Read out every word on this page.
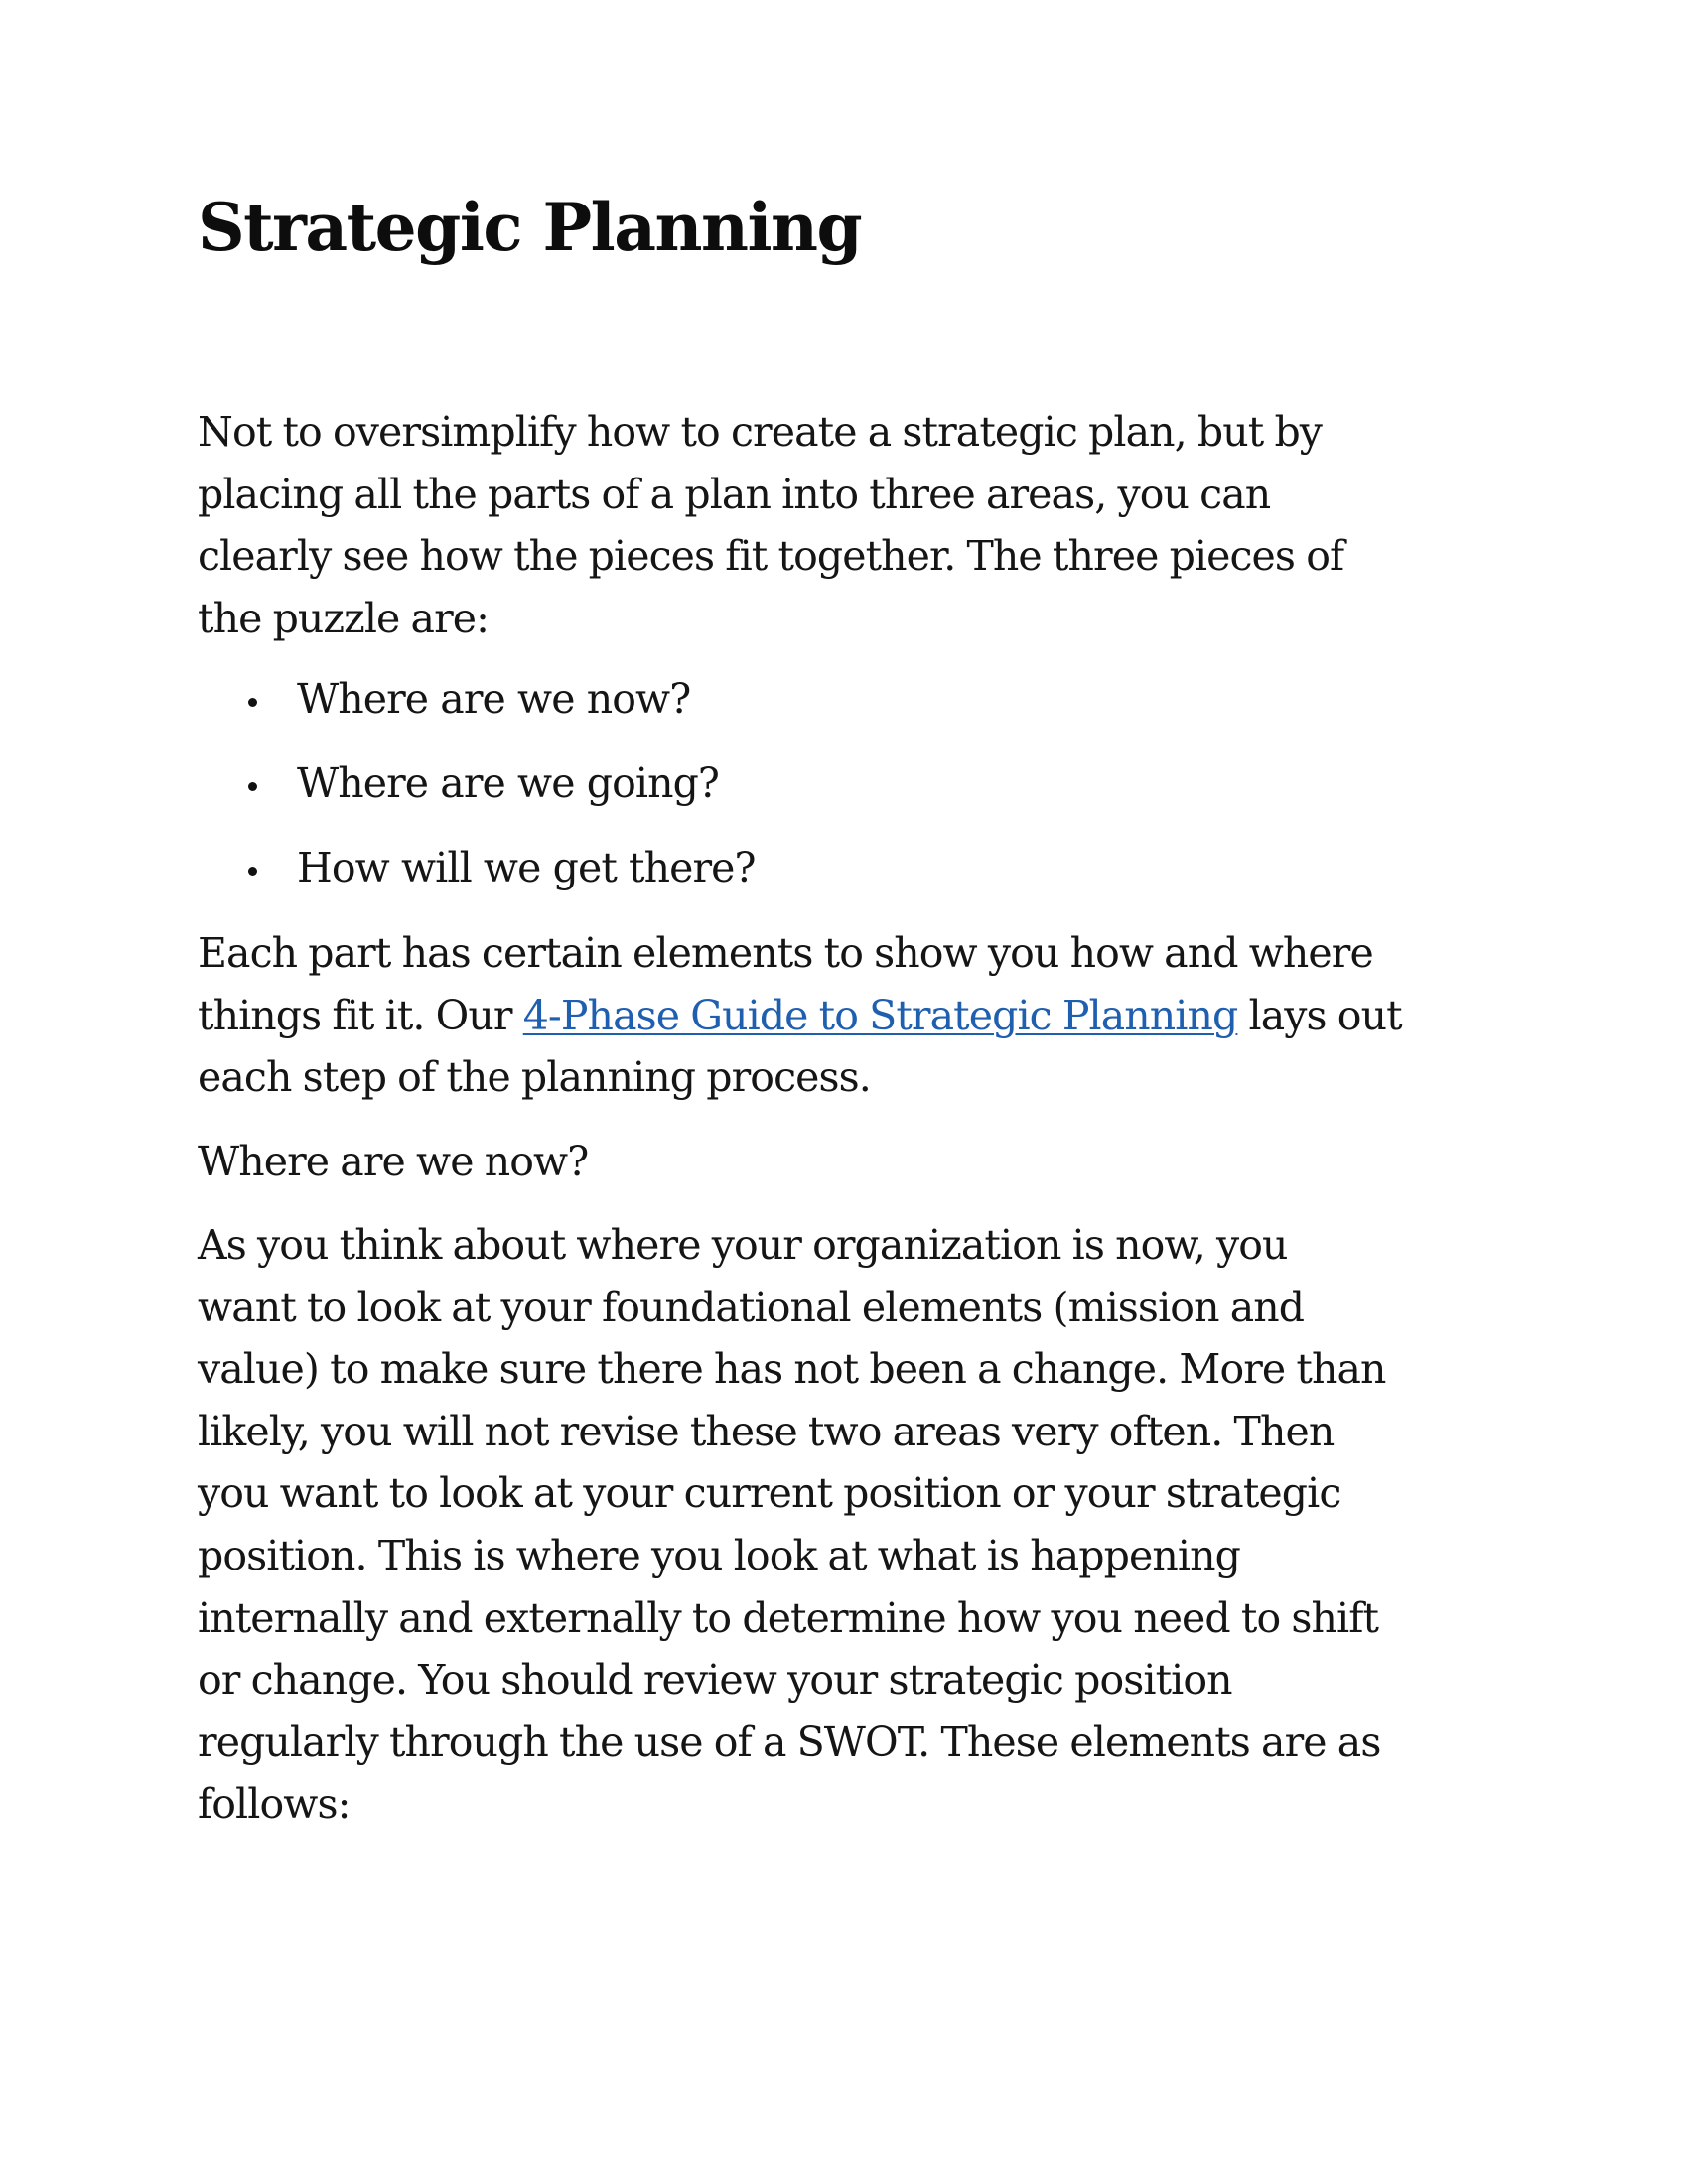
Strategic Planning

Not to oversimplify how to create a strategic plan, but by
placing all the parts of a plan into three areas, you can
clearly see how the pieces fit together. The three pieces of
the puzzle are:

Where are we now?
Where are we going?
How will we get there?

Each part has certain elements to show you how and where
things fit it. Our 4-Phase Guide to Strategic Planning lays out
each step of the planning process.

Where are we now?

As you think about where your organization is now, you
want to look at your foundational elements (mission and
value) to make sure there has not been a change. More than
likely, you will not revise these two areas very often. Then
you want to look at your current position or your strategic
position. This is where you look at what is happening
internally and externally to determine how you need to shift
or change. You should review your strategic position
regularly through the use of a SWOT. These elements are as
follows:
